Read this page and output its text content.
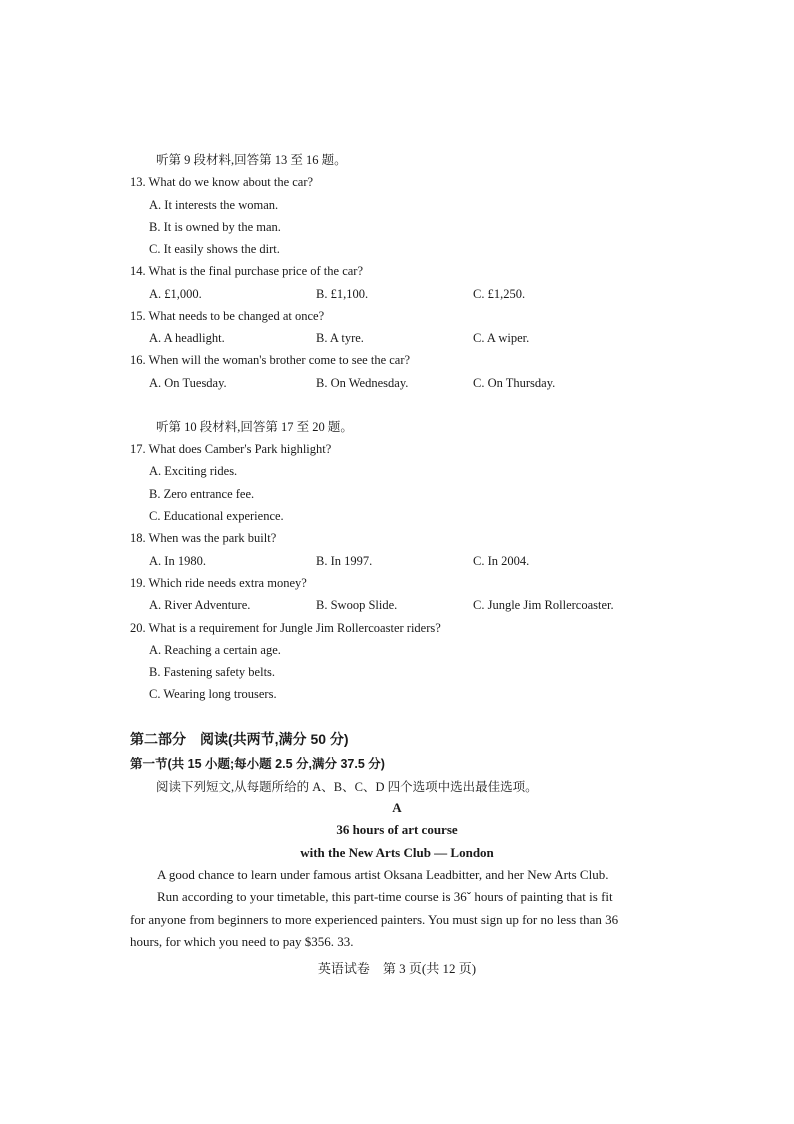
听第 9 段材料,回答第 13 至 16 题。
13. What do we know about the car?
A. It interests the woman.
B. It is owned by the man.
C. It easily shows the dirt.
14. What is the final purchase price of the car?
A. £1,000.	B. £1,100.	C. £1,250.
15. What needs to be changed at once?
A. A headlight.	B. A tyre.	C. A wiper.
16. When will the woman's brother come to see the car?
A. On Tuesday.	B. On Wednesday.	C. On Thursday.
听第 10 段材料,回答第 17 至 20 题。
17. What does Camber's Park highlight?
A. Exciting rides.
B. Zero entrance fee.
C. Educational experience.
18. When was the park built?
A. In 1980.	B. In 1997.	C. In 2004.
19. Which ride needs extra money?
A. River Adventure.	B. Swoop Slide.	C. Jungle Jim Rollercoaster.
20. What is a requirement for Jungle Jim Rollercoaster riders?
A. Reaching a certain age.
B. Fastening safety belts.
C. Wearing long trousers.
第二部分　阅读(共两节,满分 50 分)
第一节(共 15 小题;每小题 2.5 分,满分 37.5 分)
阅读下列短文,从每题所给的 A、B、C、D 四个选项中选出最佳选项。
A
36 hours of art course
with the New Arts Club — London
A good chance to learn under famous artist Oksana Leadbitter, and her New Arts Club.
Run according to your timetable, this part-time course is 36ˇ hours of painting that is fit
for anyone from beginners to more experienced painters. You must sign up for no less than 36
hours, for which you need to pay $356. 33.
英语试卷　第 3 页(共 12 页)
